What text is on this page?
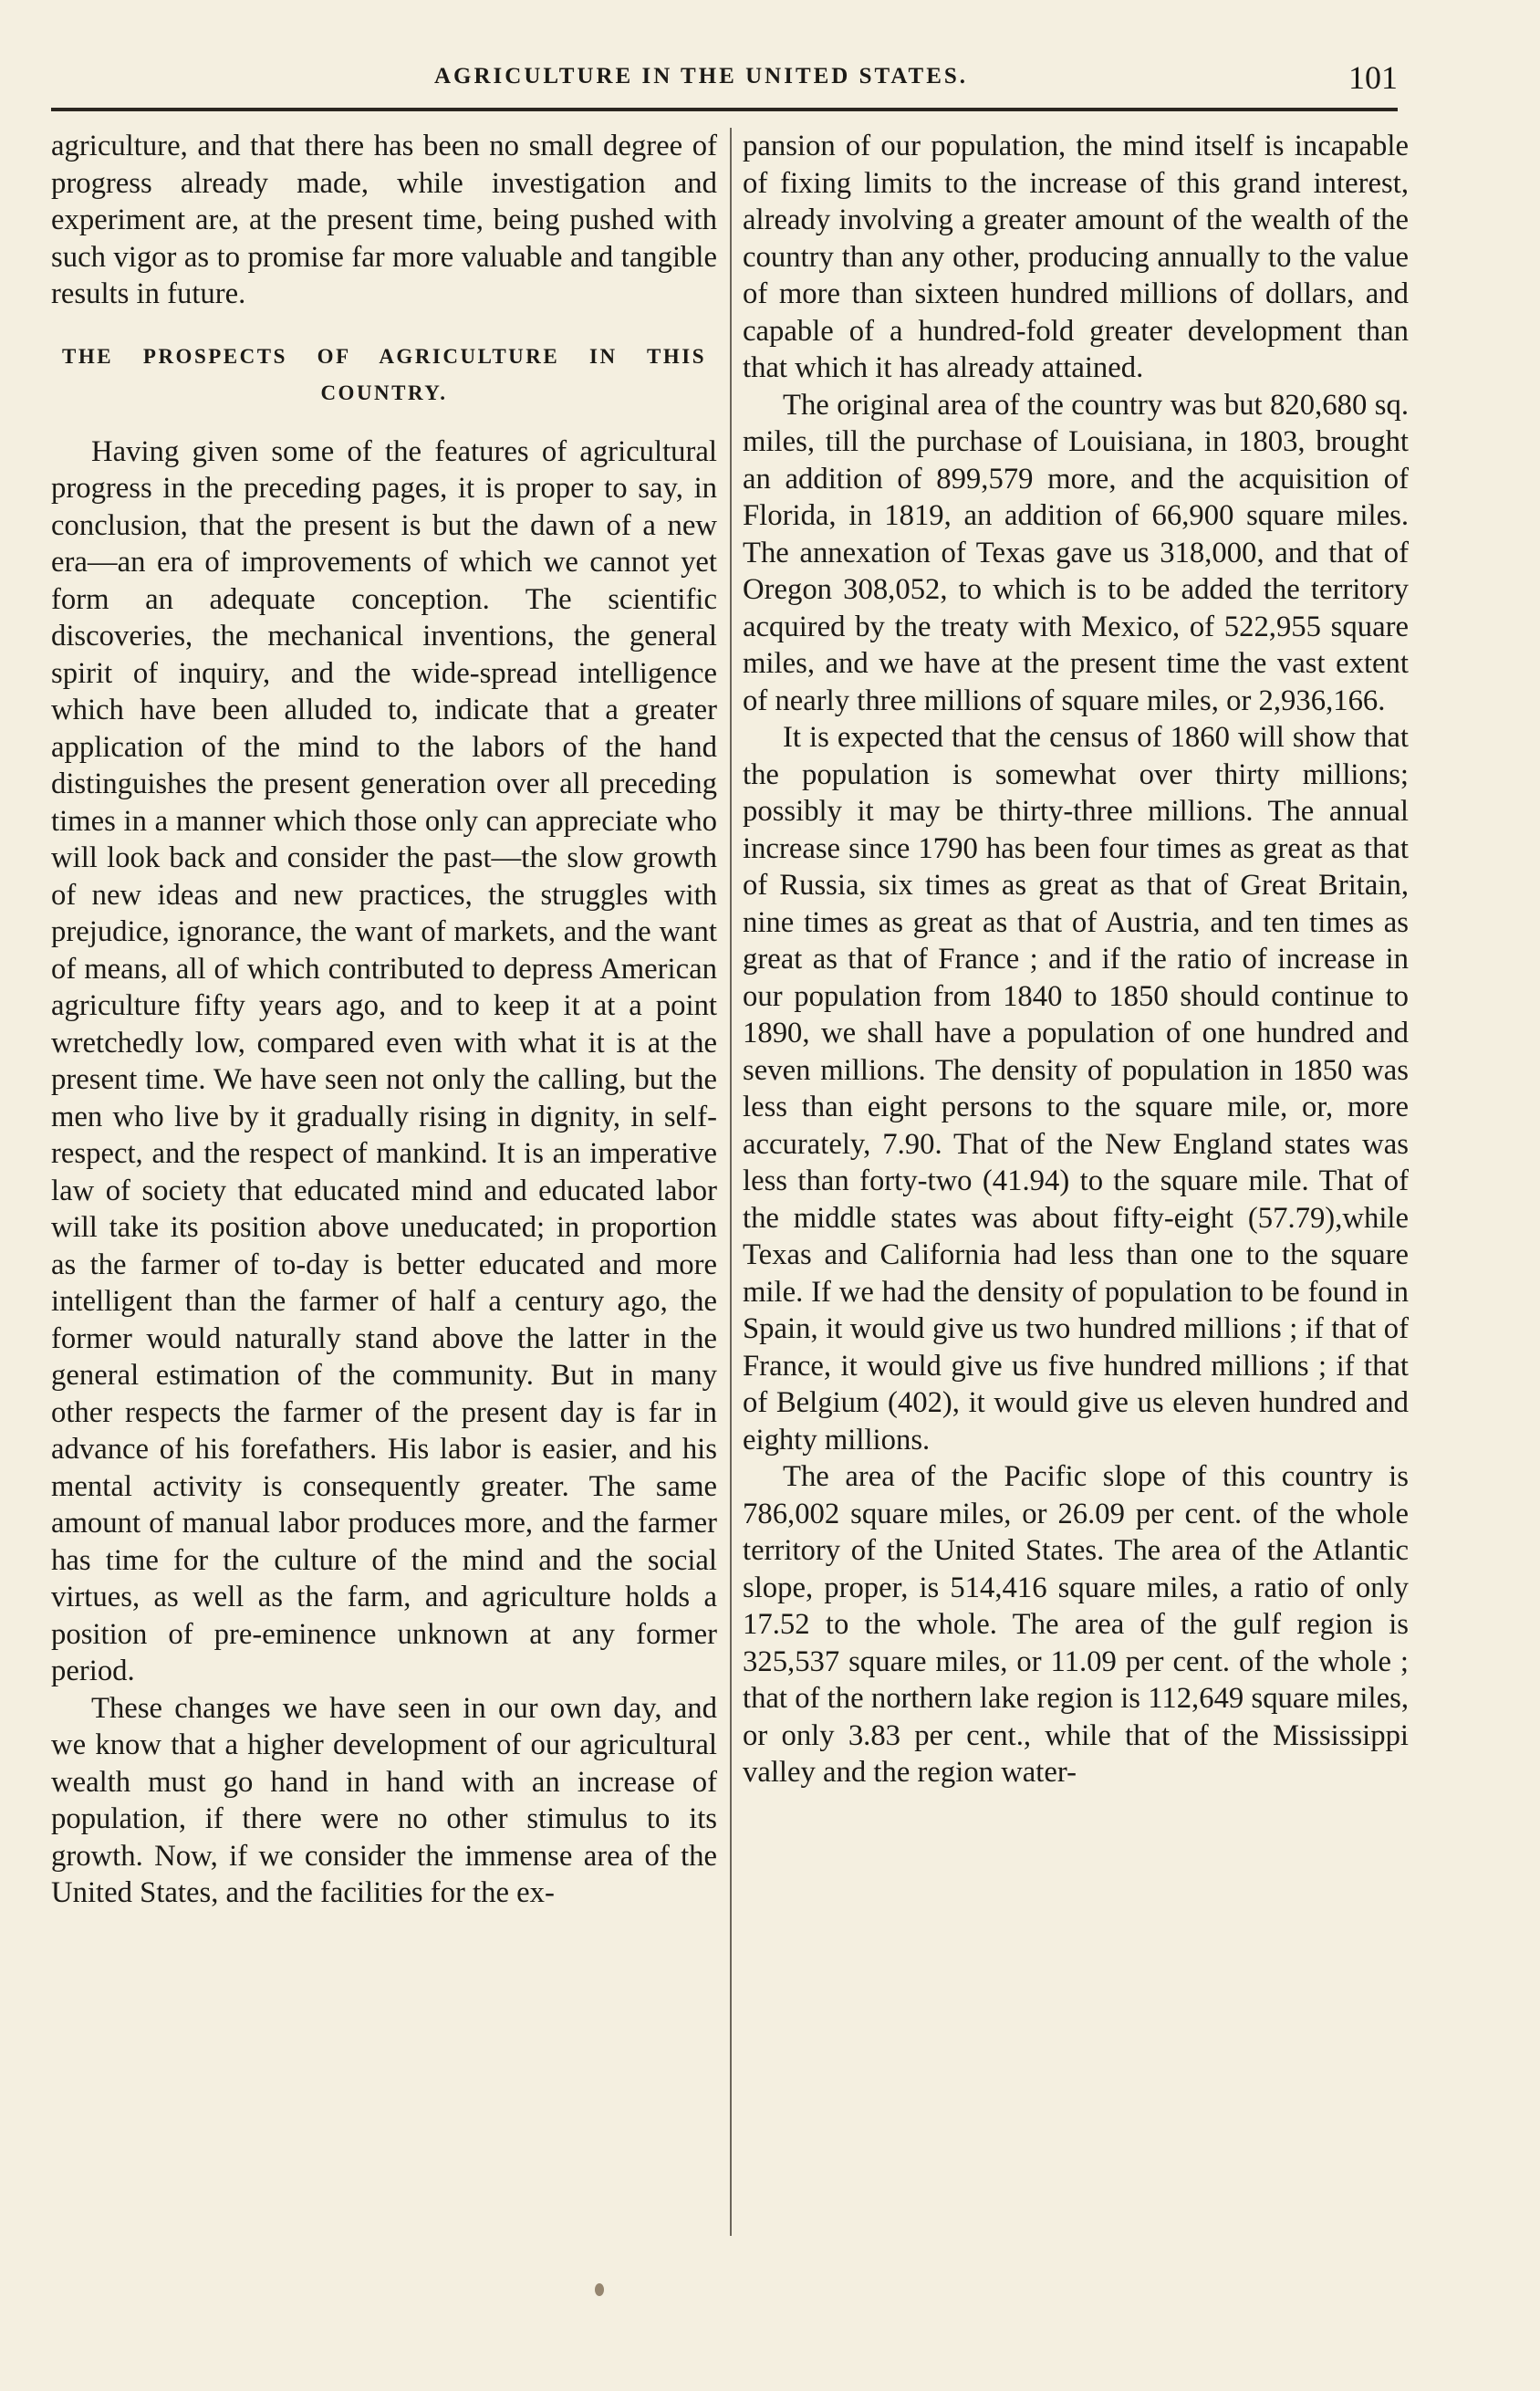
AGRICULTURE IN THE UNITED STATES.	101

agriculture, and that there has been no small degree of progress already made, while investigation and experiment are, at the present time, being pushed with such vigor as to promise far more valuable and tangible results in future.

THE PROSPECTS OF AGRICULTURE IN THIS COUNTRY.

Having given some of the features of agricultural progress in the preceding pages, it is proper to say, in conclusion, that the present is but the dawn of a new era—an era of improvements of which we cannot yet form an adequate conception. The scientific discoveries, the mechanical inventions, the general spirit of inquiry, and the wide-spread intelligence which have been alluded to, indicate that a greater application of the mind to the labors of the hand distinguishes the present generation over all preceding times in a manner which those only can appreciate who will look back and consider the past—the slow growth of new ideas and new practices, the struggles with prejudice, ignorance, the want of markets, and the want of means, all of which contributed to depress American agriculture fifty years ago, and to keep it at a point wretchedly low, compared even with what it is at the present time. We have seen not only the calling, but the men who live by it gradually rising in dignity, in self-respect, and the respect of mankind. It is an imperative law of society that educated mind and educated labor will take its position above uneducated; in proportion as the farmer of to-day is better educated and more intelligent than the farmer of half a century ago, the former would naturally stand above the latter in the general estimation of the community. But in many other respects the farmer of the present day is far in advance of his forefathers. His labor is easier, and his mental activity is consequently greater. The same amount of manual labor produces more, and the farmer has time for the culture of the mind and the social virtues, as well as the farm, and agriculture holds a position of pre-eminence unknown at any former period.

These changes we have seen in our own day, and we know that a higher development of our agricultural wealth must go hand in hand with an increase of population, if there were no other stimulus to its growth. Now, if we consider the immense area of the United States, and the facilities for the ex-

pansion of our population, the mind itself is incapable of fixing limits to the increase of this grand interest, already involving a greater amount of the wealth of the country than any other, producing annually to the value of more than sixteen hundred millions of dollars, and capable of a hundred-fold greater development than that which it has already attained.

The original area of the country was but 820,680 sq. miles, till the purchase of Louisiana, in 1803, brought an addition of 899,579 more, and the acquisition of Florida, in 1819, an addition of 66,900 square miles. The annexation of Texas gave us 318,000, and that of Oregon 308,052, to which is to be added the territory acquired by the treaty with Mexico, of 522,955 square miles, and we have at the present time the vast extent of nearly three millions of square miles, or 2,936,166.

It is expected that the census of 1860 will show that the population is somewhat over thirty millions; possibly it may be thirty-three millions. The annual increase since 1790 has been four times as great as that of Russia, six times as great as that of Great Britain, nine times as great as that of Austria, and ten times as great as that of France ; and if the ratio of increase in our population from 1840 to 1850 should continue to 1890, we shall have a population of one hundred and seven millions. The density of population in 1850 was less than eight persons to the square mile, or, more accurately, 7.90. That of the New England states was less than forty-two (41.94) to the square mile. That of the middle states was about fifty-eight (57.79),while Texas and California had less than one to the square mile. If we had the density of population to be found in Spain, it would give us two hundred millions ; if that of France, it would give us five hundred millions ; if that of Belgium (402), it would give us eleven hundred and eighty millions.

The area of the Pacific slope of this country is 786,002 square miles, or 26.09 per cent. of the whole territory of the United States. The area of the Atlantic slope, proper, is 514,416 square miles, a ratio of only 17.52 to the whole. The area of the gulf region is 325,537 square miles, or 11.09 per cent. of the whole ; that of the northern lake region is 112,649 square miles, or only 3.83 per cent., while that of the Mississippi valley and the region water-
